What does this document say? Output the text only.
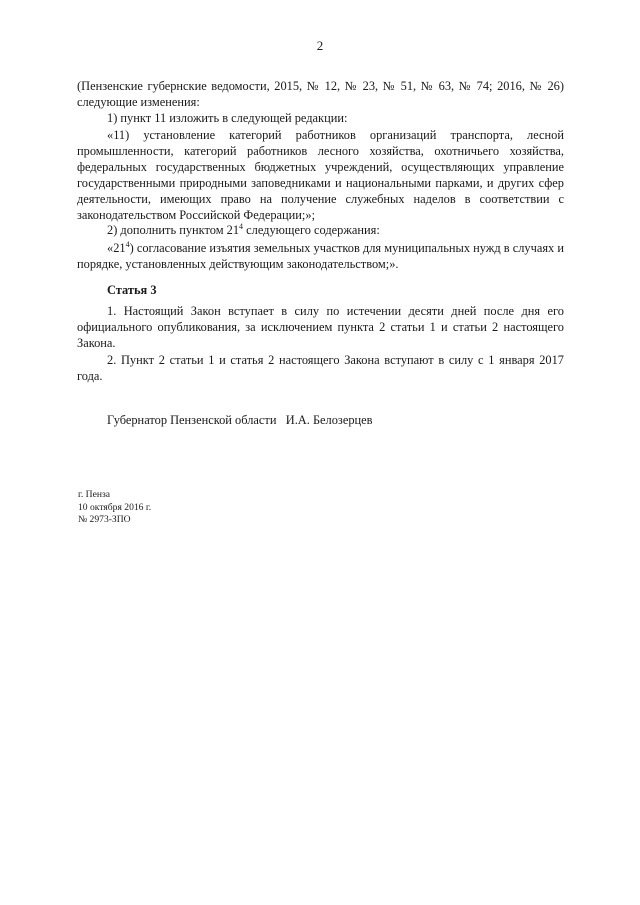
2

(Пензенские губернские ведомости, 2015, № 12, № 23, № 51, № 63, № 74; 2016, № 26) следующие изменения:

1) пункт 11 изложить в следующей редакции:

«11) установление категорий работников организаций транспорта, лесной промышленности, категорий работников лесного хозяйства, охотничьего хозяйства, федеральных государственных бюджетных учреждений, осуществляющих управление государственными природными заповедниками и национальными парками, и других сфер деятельности, имеющих право на получение служебных наделов в соответствии с законодательством Российской Федерации;»;

2) дополнить пунктом $21^4$ следующего содержания:

«$21^4$) согласование изъятия земельных участков для муниципальных нужд в случаях и порядке, установленных действующим законодательством;».

Статья 3

1. Настоящий Закон вступает в силу по истечении десяти дней после дня его официального опубликования, за исключением пункта 2 статьи 1 и статьи 2 настоящего Закона.

2. Пункт 2 статьи 1 и статья 2 настоящего Закона вступают в силу с 1 января 2017 года.

Губернатор Пензенской области И.А. Белозерцев

г. Пенза
10 октября 2016 г.
№ 2973-ЗПО
